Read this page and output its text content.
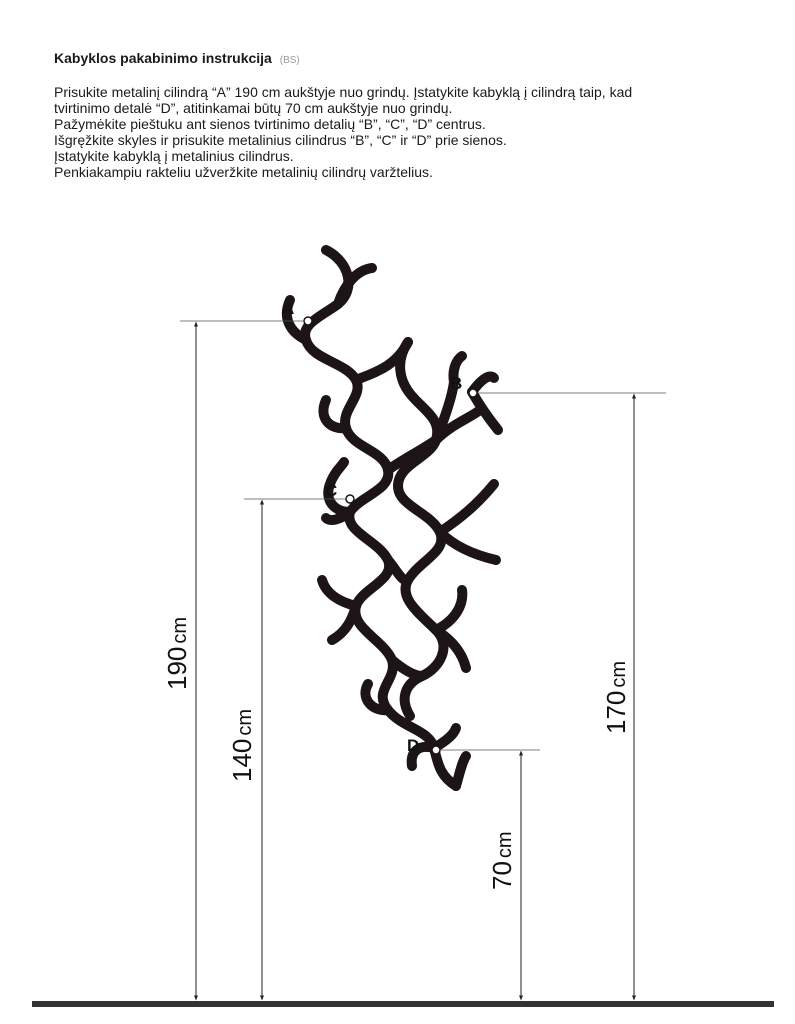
Kabyklos pakabinimo instrukcija (BS)

Prisukite metalinį cilindrą “A” 190 cm aukštyje nuo grindų. Įstatykite kabyklą į cilindrą taip, kad
tvirtinimo detalė “D”, atitinkamai būtų 70 cm aukštyje nuo grindų.
Pažymėkite pieštuku ant sienos tvirtinimo detalių “B”, “C”, “D” centrus.
Išgręžkite skyles ir prisukite metalinius cilindrus “B”, “C” ir “D” prie sienos.
Įstatykite kabyklą į metalinius cilindrus.
Penkiakampiu rakteliu užveržkite metalinių cilindrų varžtelius.
A
B
C
D
190cm
140cm	170cm
70cm
